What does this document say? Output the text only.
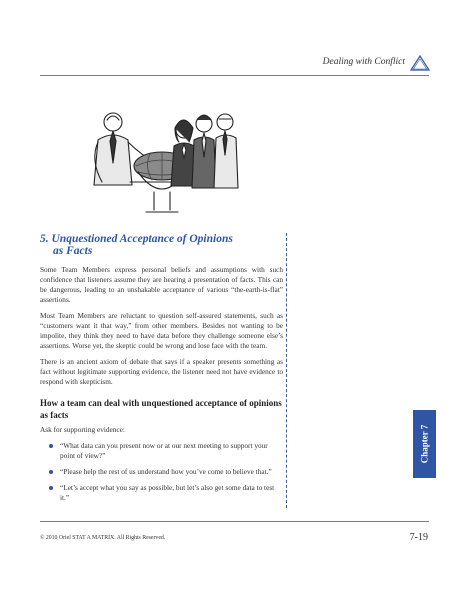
Dealing with Conflict
5. Unquestioned Acceptance of Opinions
as Facts

Some Team Members express personal beliefs and assumptions with such confidence that listeners assume they are hearing a presentation of facts. This can be dangerous, leading to an unshakable acceptance of various “the-earth-is-flat” assertions.

Most Team Members are reluctant to question self-assured statements, such as “customers want it that way,” from other members. Besides not wanting to be impolite, they think they need to have data before they challenge someone else’s assertions. Worse yet, the skeptic could be wrong and lose face with the team.

There is an ancient axiom of debate that says if a speaker presents something as fact without legitimate supporting evidence, the listener need not have evidence to respond with skepticism.

How a team can deal with unquestioned acceptance of opinions as facts

Ask for supporting evidence:

“What data can you present now or at our next meeting to support your point of view?”
“Please help the rest of us understand how you’ve come to believe that.”
“Let’s accept what you say as possible, but let’s also get some data to test it.”
Chapter 7
© 2010 Oriel STAT A MATRIX. All Rights Reserved.	7-19
